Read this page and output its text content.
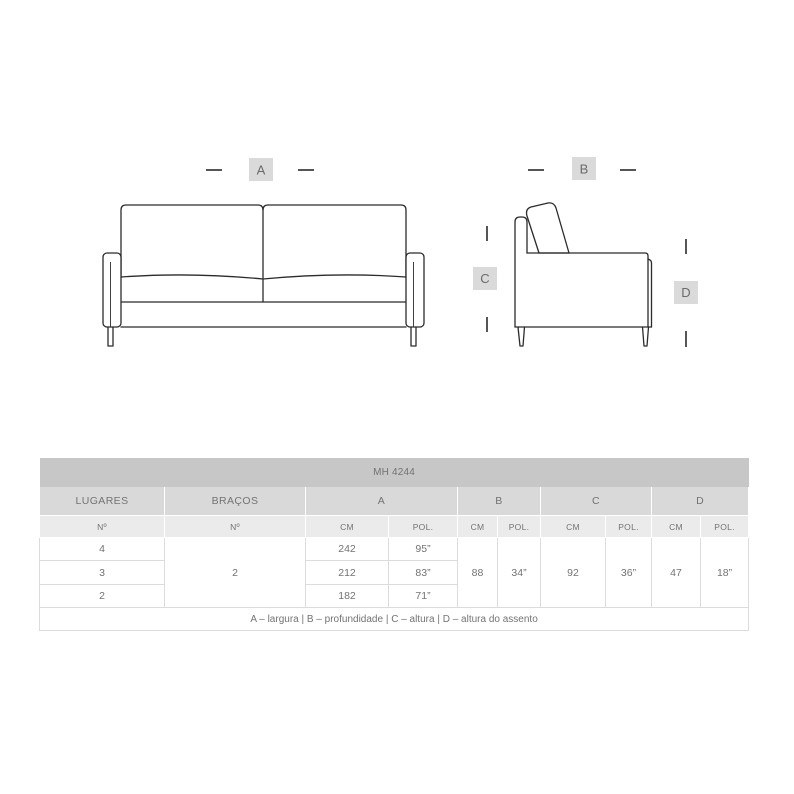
A	B
C
D
MH 4244									
LUGARES	BRAÇOS	A		B		C		D	
Nº	Nº	CM	POL.	CM	POL.	CM	POL.	CM	POL.
4	2	242	95”	88	34”	92	36”	47	18”
3		212	83”						
2		182	71”						
A – largura | B – profundidade | C – altura | D – altura do assento									
